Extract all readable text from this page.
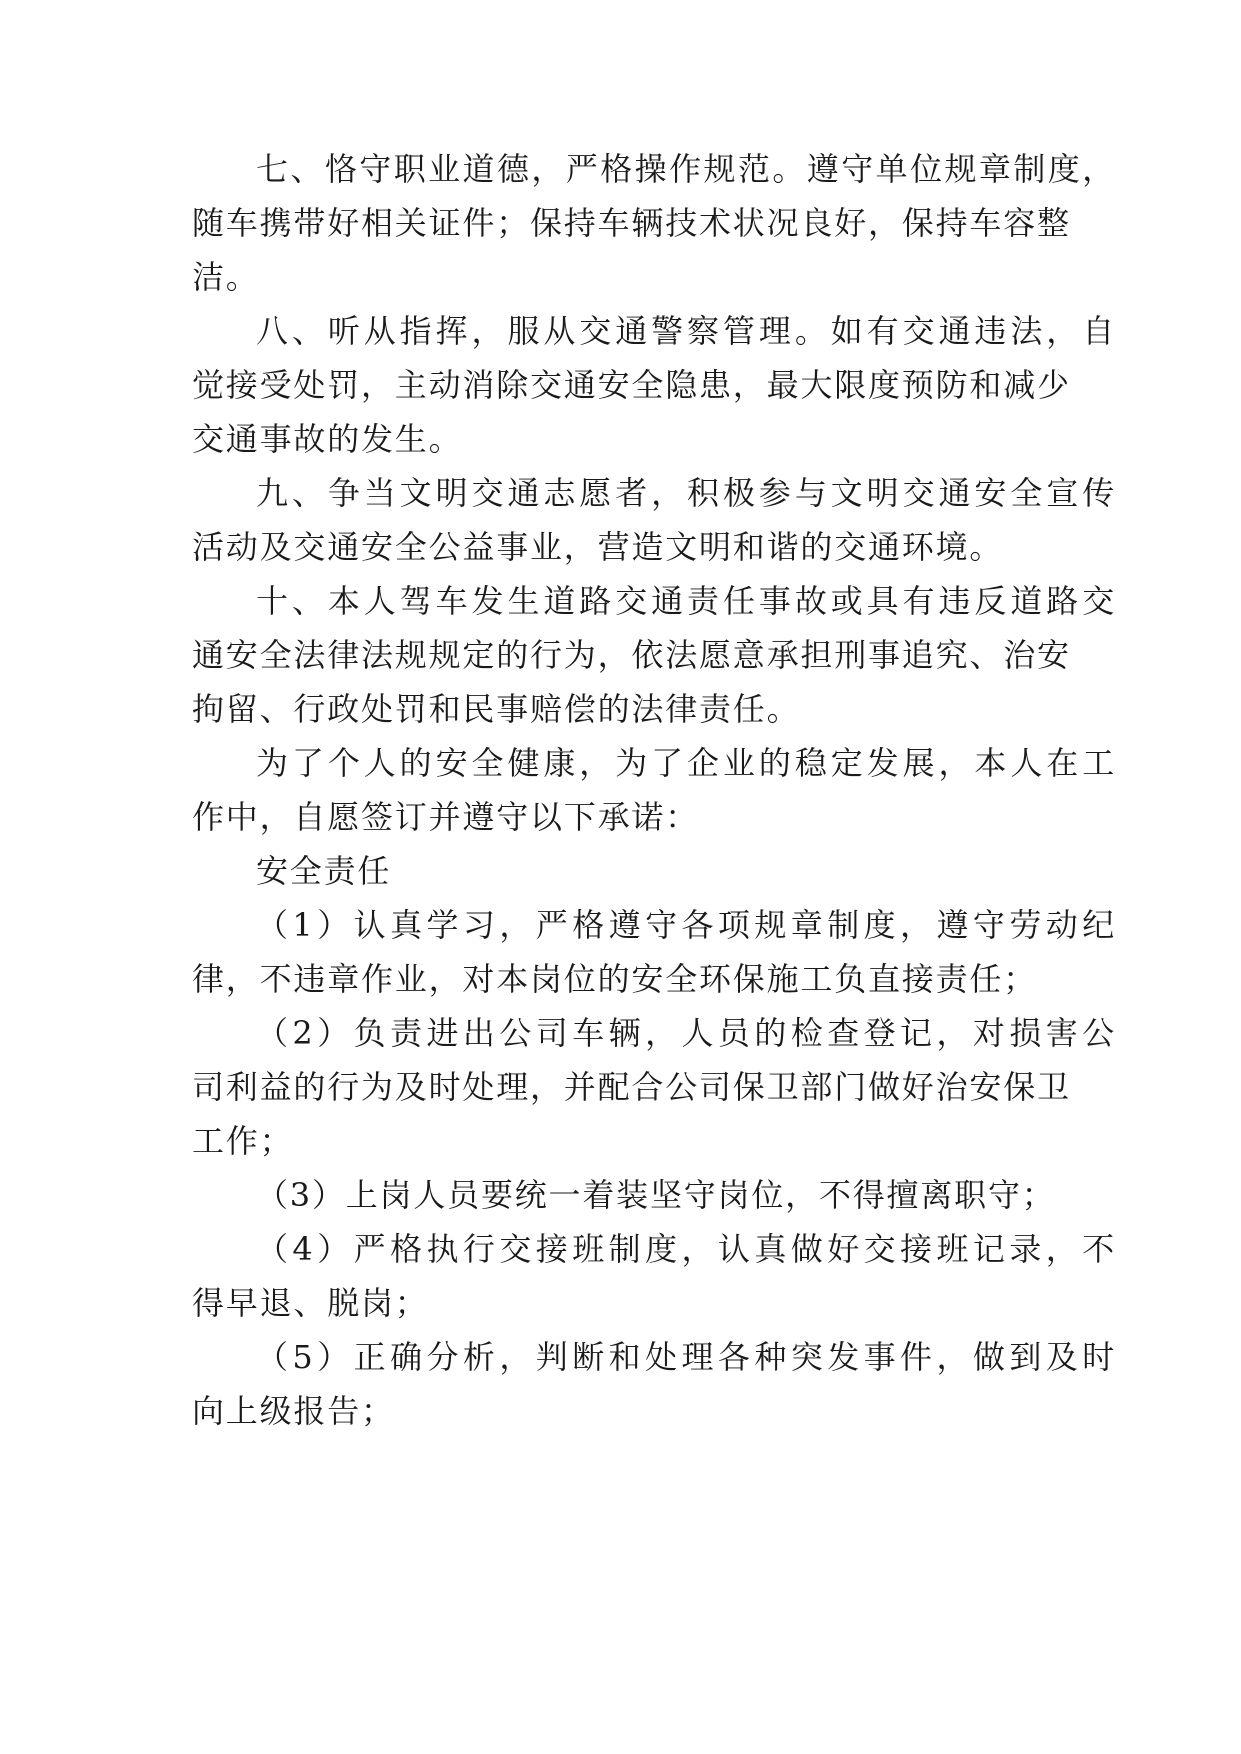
七、恪守职业道德，严格操作规范。遵守单位规章制度，
随车携带好相关证件；保持车辆技术状况良好，保持车容整
洁。
八、听从指挥，服从交通警察管理。如有交通违法，自
觉接受处罚，主动消除交通安全隐患，最大限度预防和减少
交通事故的发生。
九、争当文明交通志愿者，积极参与文明交通安全宣传
活动及交通安全公益事业，营造文明和谐的交通环境。
十、本人驾车发生道路交通责任事故或具有违反道路交
通安全法律法规规定的行为，依法愿意承担刑事追究、治安
拘留、行政处罚和民事赔偿的法律责任。
为了个人的安全健康，为了企业的稳定发展，本人在工
作中，自愿签订并遵守以下承诺：
安全责任
（1）认真学习，严格遵守各项规章制度，遵守劳动纪
律，不违章作业，对本岗位的安全环保施工负直接责任；
（2）负责进出公司车辆，人员的检查登记，对损害公
司利益的行为及时处理，并配合公司保卫部门做好治安保卫
工作；
（3）上岗人员要统一着装坚守岗位，不得擅离职守；
（4）严格执行交接班制度，认真做好交接班记录，不
得早退、脱岗；
（5）正确分析，判断和处理各种突发事件，做到及时
向上级报告；
